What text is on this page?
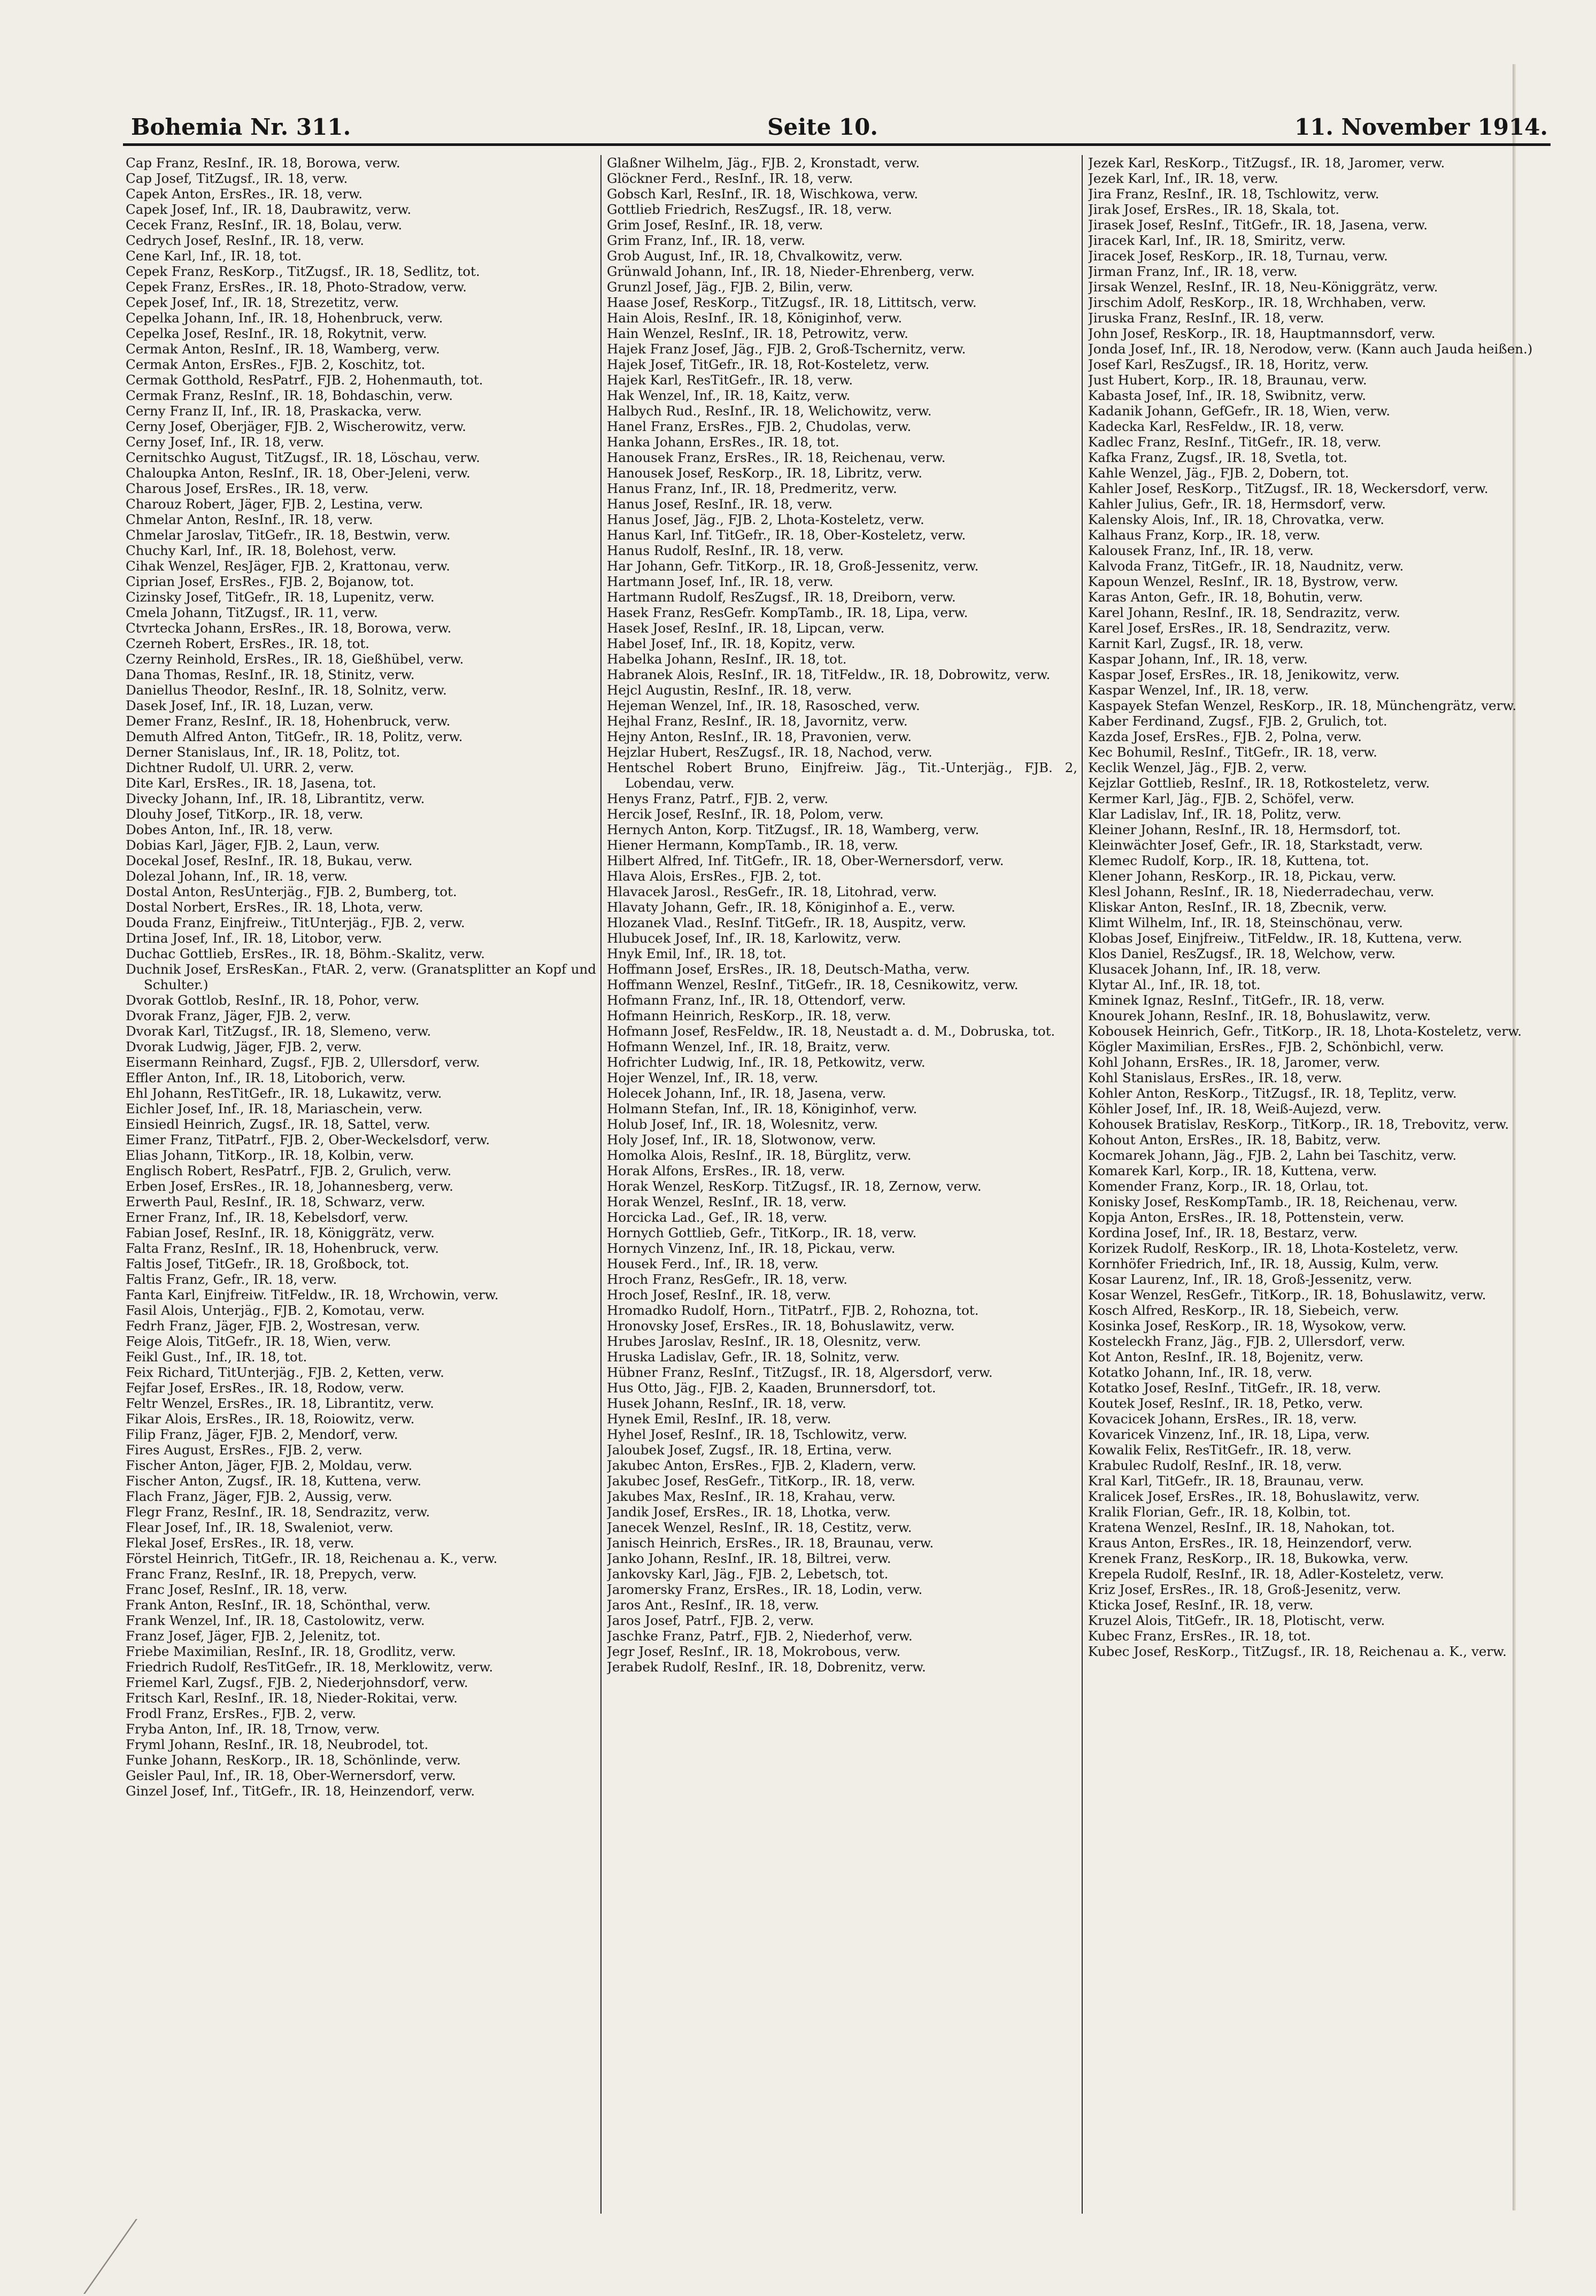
Bohemia Nr. 311.	Seite 10.	11. November 1914.

Cap Franz, ResInf., IR. 18, Borowa, verw.

Cap Josef, TitZugsf., IR. 18, verw.

Capek Anton, ErsRes., IR. 18, verw.

Capek Josef, Inf., IR. 18, Daubrawitz, verw.

Cecek Franz, ResInf., IR. 18, Bolau, verw.

Cedrych Josef, ResInf., IR. 18, verw.

Cene Karl, Inf., IR. 18, tot.

Cepek Franz, ResKorp., TitZugsf., IR. 18, Sedlitz, tot.

Cepek Franz, ErsRes., IR. 18, Photo-Stradow, verw.

Cepek Josef, Inf., IR. 18, Strezetitz, verw.

Cepelka Johann, Inf., IR. 18, Hohenbruck, verw.

Cepelka Josef, ResInf., IR. 18, Rokytnit, verw.

Cermak Anton, ResInf., IR. 18, Wamberg, verw.

Cermak Anton, ErsRes., FJB. 2, Koschitz, tot.

Cermak Gotthold, ResPatrf., FJB. 2, Hohenmauth, tot.

Cermak Franz, ResInf., IR. 18, Bohdaschin, verw.

Cerny Franz II, Inf., IR. 18, Praskacka, verw.

Cerny Josef, Oberjäger, FJB. 2, Wischerowitz, verw.

Cerny Josef, Inf., IR. 18, verw.

Cernitschko August, TitZugsf., IR. 18, Löschau, verw.

Chaloupka Anton, ResInf., IR. 18, Ober-Jeleni, verw.

Charous Josef, ErsRes., IR. 18, verw.

Charouz Robert, Jäger, FJB. 2, Lestina, verw.

Chmelar Anton, ResInf., IR. 18, verw.

Chmelar Jaroslav, TitGefr., IR. 18, Bestwin, verw.

Chuchy Karl, Inf., IR. 18, Bolehost, verw.

Cihak Wenzel, ResJäger, FJB. 2, Krattonau, verw.

Ciprian Josef, ErsRes., FJB. 2, Bojanow, tot.

Cizinsky Josef, TitGefr., IR. 18, Lupenitz, verw.

Cmela Johann, TitZugsf., IR. 11, verw.

Ctvrtecka Johann, ErsRes., IR. 18, Borowa, verw.

Czerneh Robert, ErsRes., IR. 18, tot.

Czerny Reinhold, ErsRes., IR. 18, Gießhübel, verw.

Dana Thomas, ResInf., IR. 18, Stinitz, verw.

Daniellus Theodor, ResInf., IR. 18, Solnitz, verw.

Dasek Josef, Inf., IR. 18, Luzan, verw.

Demer Franz, ResInf., IR. 18, Hohenbruck, verw.

Demuth Alfred Anton, TitGefr., IR. 18, Politz, verw.

Derner Stanislaus, Inf., IR. 18, Politz, tot.

Dichtner Rudolf, Ul. URR. 2, verw.

Dite Karl, ErsRes., IR. 18, Jasena, tot.

Divecky Johann, Inf., IR. 18, Librantitz, verw.

Dlouhy Josef, TitKorp., IR. 18, verw.

Dobes Anton, Inf., IR. 18, verw.

Dobias Karl, Jäger, FJB. 2, Laun, verw.

Docekal Josef, ResInf., IR. 18, Bukau, verw.

Dolezal Johann, Inf., IR. 18, verw.

Dostal Anton, ResUnterjäg., FJB. 2, Bumberg, tot.

Dostal Norbert, ErsRes., IR. 18, Lhota, verw.

Douda Franz, Einjfreiw., TitUnterjäg., FJB. 2, verw.

Drtina Josef, Inf., IR. 18, Litobor, verw.

Duchac Gottlieb, ErsRes., IR. 18, Böhm.-Skalitz, verw.

Duchnik Josef, ErsResKan., FtAR. 2, verw. (Granatsplitter an Kopf und Schulter.)

Dvorak Gottlob, ResInf., IR. 18, Pohor, verw.

Dvorak Franz, Jäger, FJB. 2, verw.

Dvorak Karl, TitZugsf., IR. 18, Slemeno, verw.

Dvorak Ludwig, Jäger, FJB. 2, verw.

Eisermann Reinhard, Zugsf., FJB. 2, Ullersdorf, verw.

Effler Anton, Inf., IR. 18, Litoborich, verw.

Ehl Johann, ResTitGefr., IR. 18, Lukawitz, verw.

Eichler Josef, Inf., IR. 18, Mariaschein, verw.

Einsiedl Heinrich, Zugsf., IR. 18, Sattel, verw.

Eimer Franz, TitPatrf., FJB. 2, Ober-Weckelsdorf, verw.

Elias Johann, TitKorp., IR. 18, Kolbin, verw.

Englisch Robert, ResPatrf., FJB. 2, Grulich, verw.

Erben Josef, ErsRes., IR. 18, Johannesberg, verw.

Erwerth Paul, ResInf., IR. 18, Schwarz, verw.

Erner Franz, Inf., IR. 18, Kebelsdorf, verw.

Fabian Josef, ResInf., IR. 18, Königgrätz, verw.

Falta Franz, ResInf., IR. 18, Hohenbruck, verw.

Faltis Josef, TitGefr., IR. 18, Großbock, tot.

Faltis Franz, Gefr., IR. 18, verw.

Fanta Karl, Einjfreiw. TitFeldw., IR. 18, Wrchowin, verw.

Fasil Alois, Unterjäg., FJB. 2, Komotau, verw.

Fedrh Franz, Jäger, FJB. 2, Wostresan, verw.

Feige Alois, TitGefr., IR. 18, Wien, verw.

Feikl Gust., Inf., IR. 18, tot.

Feix Richard, TitUnterjäg., FJB. 2, Ketten, verw.

Fejfar Josef, ErsRes., IR. 18, Rodow, verw.

Feltr Wenzel, ErsRes., IR. 18, Librantitz, verw.

Fikar Alois, ErsRes., IR. 18, Roiowitz, verw.

Filip Franz, Jäger, FJB. 2, Mendorf, verw.

Fires August, ErsRes., FJB. 2, verw.

Fischer Anton, Jäger, FJB. 2, Moldau, verw.

Fischer Anton, Zugsf., IR. 18, Kuttena, verw.

Flach Franz, Jäger, FJB. 2, Aussig, verw.

Flegr Franz, ResInf., IR. 18, Sendrazitz, verw.

Flear Josef, Inf., IR. 18, Swaleniot, verw.

Flekal Josef, ErsRes., IR. 18, verw.

Förstel Heinrich, TitGefr., IR. 18, Reichenau a. K., verw.

Franc Franz, ResInf., IR. 18, Prepych, verw.

Franc Josef, ResInf., IR. 18, verw.

Frank Anton, ResInf., IR. 18, Schönthal, verw.

Frank Wenzel, Inf., IR. 18, Castolowitz, verw.

Franz Josef, Jäger, FJB. 2, Jelenitz, tot.

Friebe Maximilian, ResInf., IR. 18, Grodlitz, verw.

Friedrich Rudolf, ResTitGefr., IR. 18, Merklowitz, verw.

Friemel Karl, Zugsf., FJB. 2, Niederjohnsdorf, verw.

Fritsch Karl, ResInf., IR. 18, Nieder-Rokitai, verw.

Frodl Franz, ErsRes., FJB. 2, verw.

Fryba Anton, Inf., IR. 18, Trnow, verw.

Fryml Johann, ResInf., IR. 18, Neubrodel, tot.

Funke Johann, ResKorp., IR. 18, Schönlinde, verw.

Geisler Paul, Inf., IR. 18, Ober-Wernersdorf, verw.

Ginzel Josef, Inf., TitGefr., IR. 18, Heinzendorf, verw.

Glaßner Wilhelm, Jäg., FJB. 2, Kronstadt, verw.

Glöckner Ferd., ResInf., IR. 18, verw.

Gobsch Karl, ResInf., IR. 18, Wischkowa, verw.

Gottlieb Friedrich, ResZugsf., IR. 18, verw.

Grim Josef, ResInf., IR. 18, verw.

Grim Franz, Inf., IR. 18, verw.

Grob August, Inf., IR. 18, Chvalkowitz, verw.

Grünwald Johann, Inf., IR. 18, Nieder-Ehrenberg, verw.

Grunzl Josef, Jäg., FJB. 2, Bilin, verw.

Haase Josef, ResKorp., TitZugsf., IR. 18, Littitsch, verw.

Hain Alois, ResInf., IR. 18, Königinhof, verw.

Hain Wenzel, ResInf., IR. 18, Petrowitz, verw.

Hajek Franz Josef, Jäg., FJB. 2, Groß-Tschernitz, verw.

Hajek Josef, TitGefr., IR. 18, Rot-Kosteletz, verw.

Hajek Karl, ResTitGefr., IR. 18, verw.

Hak Wenzel, Inf., IR. 18, Kaitz, verw.

Halbych Rud., ResInf., IR. 18, Welichowitz, verw.

Hanel Franz, ErsRes., FJB. 2, Chudolas, verw.

Hanka Johann, ErsRes., IR. 18, tot.

Hanousek Franz, ErsRes., IR. 18, Reichenau, verw.

Hanousek Josef, ResKorp., IR. 18, Libritz, verw.

Hanus Franz, Inf., IR. 18, Predmeritz, verw.

Hanus Josef, ResInf., IR. 18, verw.

Hanus Josef, Jäg., FJB. 2, Lhota-Kosteletz, verw.

Hanus Karl, Inf. TitGefr., IR. 18, Ober-Kosteletz, verw.

Hanus Rudolf, ResInf., IR. 18, verw.

Har Johann, Gefr. TitKorp., IR. 18, Groß-Jessenitz, verw.

Hartmann Josef, Inf., IR. 18, verw.

Hartmann Rudolf, ResZugsf., IR. 18, Dreiborn, verw.

Hasek Franz, ResGefr. KompTamb., IR. 18, Lipa, verw.

Hasek Josef, ResInf., IR. 18, Lipcan, verw.

Habel Josef, Inf., IR. 18, Kopitz, verw.

Habelka Johann, ResInf., IR. 18, tot.

Habranek Alois, ResInf., IR. 18, TitFeldw., IR. 18, Dobrowitz, verw.

Hejcl Augustin, ResInf., IR. 18, verw.

Hejeman Wenzel, Inf., IR. 18, Rasosched, verw.

Hejhal Franz, ResInf., IR. 18, Javornitz, verw.

Hejny Anton, ResInf., IR. 18, Pravonien, verw.

Hejzlar Hubert, ResZugsf., IR. 18, Nachod, verw.

Hentschel Robert Bruno, Einjfreiw. Jäg., Tit.-Unterjäg., FJB. 2, Lobendau, verw.

Henys Franz, Patrf., FJB. 2, verw.

Hercik Josef, ResInf., IR. 18, Polom, verw.

Hernych Anton, Korp. TitZugsf., IR. 18, Wamberg, verw.

Hiener Hermann, KompTamb., IR. 18, verw.

Hilbert Alfred, Inf. TitGefr., IR. 18, Ober-Wernersdorf, verw.

Hlava Alois, ErsRes., FJB. 2, tot.

Hlavacek Jarosl., ResGefr., IR. 18, Litohrad, verw.

Hlavaty Johann, Gefr., IR. 18, Königinhof a. E., verw.

Hlozanek Vlad., ResInf. TitGefr., IR. 18, Auspitz, verw.

Hlubucek Josef, Inf., IR. 18, Karlowitz, verw.

Hnyk Emil, Inf., IR. 18, tot.

Hoffmann Josef, ErsRes., IR. 18, Deutsch-Matha, verw.

Hoffmann Wenzel, ResInf., TitGefr., IR. 18, Cesnikowitz, verw.

Hofmann Franz, Inf., IR. 18, Ottendorf, verw.

Hofmann Heinrich, ResKorp., IR. 18, verw.

Hofmann Josef, ResFeldw., IR. 18, Neustadt a. d. M., Dobruska, tot.

Hofmann Wenzel, Inf., IR. 18, Braitz, verw.

Hofrichter Ludwig, Inf., IR. 18, Petkowitz, verw.

Hojer Wenzel, Inf., IR. 18, verw.

Holecek Johann, Inf., IR. 18, Jasena, verw.

Holmann Stefan, Inf., IR. 18, Königinhof, verw.

Holub Josef, Inf., IR. 18, Wolesnitz, verw.

Holy Josef, Inf., IR. 18, Slotwonow, verw.

Homolka Alois, ResInf., IR. 18, Bürglitz, verw.

Horak Alfons, ErsRes., IR. 18, verw.

Horak Wenzel, ResKorp. TitZugsf., IR. 18, Zernow, verw.

Horak Wenzel, ResInf., IR. 18, verw.

Horcicka Lad., Gef., IR. 18, verw.

Hornych Gottlieb, Gefr., TitKorp., IR. 18, verw.

Hornych Vinzenz, Inf., IR. 18, Pickau, verw.

Housek Ferd., Inf., IR. 18, verw.

Hroch Franz, ResGefr., IR. 18, verw.

Hroch Josef, ResInf., IR. 18, verw.

Hromadko Rudolf, Horn., TitPatrf., FJB. 2, Rohozna, tot.

Hronovsky Josef, ErsRes., IR. 18, Bohuslawitz, verw.

Hrubes Jaroslav, ResInf., IR. 18, Olesnitz, verw.

Hruska Ladislav, Gefr., IR. 18, Solnitz, verw.

Hübner Franz, ResInf., TitZugsf., IR. 18, Algersdorf, verw.

Hus Otto, Jäg., FJB. 2, Kaaden, Brunnersdorf, tot.

Husek Johann, ResInf., IR. 18, verw.

Hynek Emil, ResInf., IR. 18, verw.

Hyhel Josef, ResInf., IR. 18, Tschlowitz, verw.

Jaloubek Josef, Zugsf., IR. 18, Ertina, verw.

Jakubec Anton, ErsRes., FJB. 2, Kladern, verw.

Jakubec Josef, ResGefr., TitKorp., IR. 18, verw.

Jakubes Max, ResInf., IR. 18, Krahau, verw.

Jandik Josef, ErsRes., IR. 18, Lhotka, verw.

Janecek Wenzel, ResInf., IR. 18, Cestitz, verw.

Janisch Heinrich, ErsRes., IR. 18, Braunau, verw.

Janko Johann, ResInf., IR. 18, Biltrei, verw.

Jankovsky Karl, Jäg., FJB. 2, Lebetsch, tot.

Jaromersky Franz, ErsRes., IR. 18, Lodin, verw.

Jaros Ant., ResInf., IR. 18, verw.

Jaros Josef, Patrf., FJB. 2, verw.

Jaschke Franz, Patrf., FJB. 2, Niederhof, verw.

Jegr Josef, ResInf., IR. 18, Mokrobous, verw.

Jerabek Rudolf, ResInf., IR. 18, Dobrenitz, verw.

Jezek Karl, ResKorp., TitZugsf., IR. 18, Jaromer, verw.

Jezek Karl, Inf., IR. 18, verw.

Jira Franz, ResInf., IR. 18, Tschlowitz, verw.

Jirak Josef, ErsRes., IR. 18, Skala, tot.

Jirasek Josef, ResInf., TitGefr., IR. 18, Jasena, verw.

Jiracek Karl, Inf., IR. 18, Smiritz, verw.

Jiracek Josef, ResKorp., IR. 18, Turnau, verw.

Jirman Franz, Inf., IR. 18, verw.

Jirsak Wenzel, ResInf., IR. 18, Neu-Königgrätz, verw.

Jirschim Adolf, ResKorp., IR. 18, Wrchhaben, verw.

Jiruska Franz, ResInf., IR. 18, verw.

John Josef, ResKorp., IR. 18, Hauptmannsdorf, verw.

Jonda Josef, Inf., IR. 18, Nerodow, verw. (Kann auch Jauda heißen.)

Josef Karl, ResZugsf., IR. 18, Horitz, verw.

Just Hubert, Korp., IR. 18, Braunau, verw.

Kabasta Josef, Inf., IR. 18, Swibnitz, verw.

Kadanik Johann, GefGefr., IR. 18, Wien, verw.

Kadecka Karl, ResFeldw., IR. 18, verw.

Kadlec Franz, ResInf., TitGefr., IR. 18, verw.

Kafka Franz, Zugsf., IR. 18, Svetla, tot.

Kahle Wenzel, Jäg., FJB. 2, Dobern, tot.

Kahler Josef, ResKorp., TitZugsf., IR. 18, Weckersdorf, verw.

Kahler Julius, Gefr., IR. 18, Hermsdorf, verw.

Kalensky Alois, Inf., IR. 18, Chrovatka, verw.

Kalhaus Franz, Korp., IR. 18, verw.

Kalousek Franz, Inf., IR. 18, verw.

Kalvoda Franz, TitGefr., IR. 18, Naudnitz, verw.

Kapoun Wenzel, ResInf., IR. 18, Bystrow, verw.

Karas Anton, Gefr., IR. 18, Bohutin, verw.

Karel Johann, ResInf., IR. 18, Sendrazitz, verw.

Karel Josef, ErsRes., IR. 18, Sendrazitz, verw.

Karnit Karl, Zugsf., IR. 18, verw.

Kaspar Johann, Inf., IR. 18, verw.

Kaspar Josef, ErsRes., IR. 18, Jenikowitz, verw.

Kaspar Wenzel, Inf., IR. 18, verw.

Kaspayek Stefan Wenzel, ResKorp., IR. 18, Münchengrätz, verw.

Kaber Ferdinand, Zugsf., FJB. 2, Grulich, tot.

Kazda Josef, ErsRes., FJB. 2, Polna, verw.

Kec Bohumil, ResInf., TitGefr., IR. 18, verw.

Keclik Wenzel, Jäg., FJB. 2, verw.

Kejzlar Gottlieb, ResInf., IR. 18, Rotkosteletz, verw.

Kermer Karl, Jäg., FJB. 2, Schöfel, verw.

Klar Ladislav, Inf., IR. 18, Politz, verw.

Kleiner Johann, ResInf., IR. 18, Hermsdorf, tot.

Kleinwächter Josef, Gefr., IR. 18, Starkstadt, verw.

Klemec Rudolf, Korp., IR. 18, Kuttena, tot.

Klener Johann, ResKorp., IR. 18, Pickau, verw.

Klesl Johann, ResInf., IR. 18, Niederradechau, verw.

Kliskar Anton, ResInf., IR. 18, Zbecnik, verw.

Klimt Wilhelm, Inf., IR. 18, Steinschönau, verw.

Klobas Josef, Einjfreiw., TitFeldw., IR. 18, Kuttena, verw.

Klos Daniel, ResZugsf., IR. 18, Welchow, verw.

Klusacek Johann, Inf., IR. 18, verw.

Klytar Al., Inf., IR. 18, tot.

Kminek Ignaz, ResInf., TitGefr., IR. 18, verw.

Knourek Johann, ResInf., IR. 18, Bohuslawitz, verw.

Kobousek Heinrich, Gefr., TitKorp., IR. 18, Lhota-Kosteletz, verw.

Kögler Maximilian, ErsRes., FJB. 2, Schönbichl, verw.

Kohl Johann, ErsRes., IR. 18, Jaromer, verw.

Kohl Stanislaus, ErsRes., IR. 18, verw.

Kohler Anton, ResKorp., TitZugsf., IR. 18, Teplitz, verw.

Köhler Josef, Inf., IR. 18, Weiß-Aujezd, verw.

Kohousek Bratislav, ResKorp., TitKorp., IR. 18, Trebovitz, verw.

Kohout Anton, ErsRes., IR. 18, Babitz, verw.

Kocmarek Johann, Jäg., FJB. 2, Lahn bei Taschitz, verw.

Komarek Karl, Korp., IR. 18, Kuttena, verw.

Komender Franz, Korp., IR. 18, Orlau, tot.

Konisky Josef, ResKompTamb., IR. 18, Reichenau, verw.

Kopja Anton, ErsRes., IR. 18, Pottenstein, verw.

Kordina Josef, Inf., IR. 18, Bestarz, verw.

Korizek Rudolf, ResKorp., IR. 18, Lhota-Kosteletz, verw.

Kornhöfer Friedrich, Inf., IR. 18, Aussig, Kulm, verw.

Kosar Laurenz, Inf., IR. 18, Groß-Jessenitz, verw.

Kosar Wenzel, ResGefr., TitKorp., IR. 18, Bohuslawitz, verw.

Kosch Alfred, ResKorp., IR. 18, Siebeich, verw.

Kosinka Josef, ResKorp., IR. 18, Wysokow, verw.

Kosteleckh Franz, Jäg., FJB. 2, Ullersdorf, verw.

Kot Anton, ResInf., IR. 18, Bojenitz, verw.

Kotatko Johann, Inf., IR. 18, verw.

Kotatko Josef, ResInf., TitGefr., IR. 18, verw.

Koutek Josef, ResInf., IR. 18, Petko, verw.

Kovacicek Johann, ErsRes., IR. 18, verw.

Kovaricek Vinzenz, Inf., IR. 18, Lipa, verw.

Kowalik Felix, ResTitGefr., IR. 18, verw.

Krabulec Rudolf, ResInf., IR. 18, verw.

Kral Karl, TitGefr., IR. 18, Braunau, verw.

Kralicek Josef, ErsRes., IR. 18, Bohuslawitz, verw.

Kralik Florian, Gefr., IR. 18, Kolbin, tot.

Kratena Wenzel, ResInf., IR. 18, Nahokan, tot.

Kraus Anton, ErsRes., IR. 18, Heinzendorf, verw.

Krenek Franz, ResKorp., IR. 18, Bukowka, verw.

Krepela Rudolf, ResInf., IR. 18, Adler-Kosteletz, verw.

Kriz Josef, ErsRes., IR. 18, Groß-Jesenitz, verw.

Kticka Josef, ResInf., IR. 18, verw.

Kruzel Alois, TitGefr., IR. 18, Plotischt, verw.

Kubec Franz, ErsRes., IR. 18, tot.

Kubec Josef, ResKorp., TitZugsf., IR. 18, Reichenau a. K., verw.
